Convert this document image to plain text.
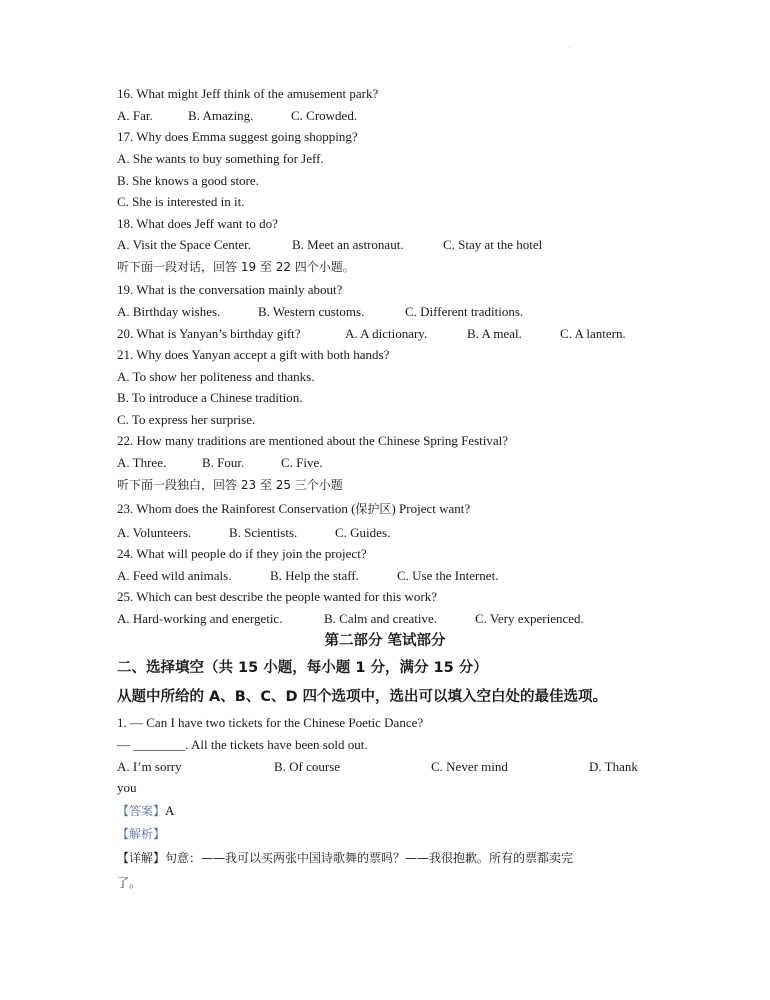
16. What might Jeff think of the amusement park?
A. Far.	B. Amazing.	C. Crowded.
17. Why does Emma suggest going shopping?
A. She wants to buy something for Jeff.
B. She knows a good store.
C. She is interested in it.
18. What does Jeff want to do?
A. Visit the Space Center.	B. Meet an astronaut.	C. Stay at the hotel
听下面一段对话，回答 19 至 22 四个小题。
19. What is the conversation mainly about?
A. Birthday wishes.	B. Western customs.	C. Different traditions.
20. What is Yanyan’s birthday gift?	A. A dictionary.	B. A meal.	C. A lantern.
21. Why does Yanyan accept a gift with both hands?
A. To show her politeness and thanks.
B. To introduce a Chinese tradition.
C. To express her surprise.
22. How many traditions are mentioned about the Chinese Spring Festival?
A. Three.	B. Four.	C. Five.
听下面一段独白，回答 23 至 25 三个小题
23. Whom does the Rainforest Conservation (保护区) Project want?
A. Volunteers.	B. Scientists.	C. Guides.
24. What will people do if they join the project?
A. Feed wild animals.	B. Help the staff.	C. Use the Internet.
25. Which can best describe the people wanted for this work?
A. Hard-working and energetic.	B. Calm and creative.	C. Very experienced.
第二部分 笔试部分
二、选择填空（共 15 小题，每小题 1 分，满分 15 分）
从题中所给的 A、B、C、D 四个选项中，选出可以填入空白处的最佳选项。
1. — Can I have two tickets for the Chinese Poetic Dance?
— ________. All the tickets have been sold out.
A. I’m sorry	B. Of course	C. Never mind	D. Thank
you
【答案】A
【解析】
【详解】句意：——我可以买两张中国诗歌舞的票吗？——我很抱歉。所有的票都卖完
了。
